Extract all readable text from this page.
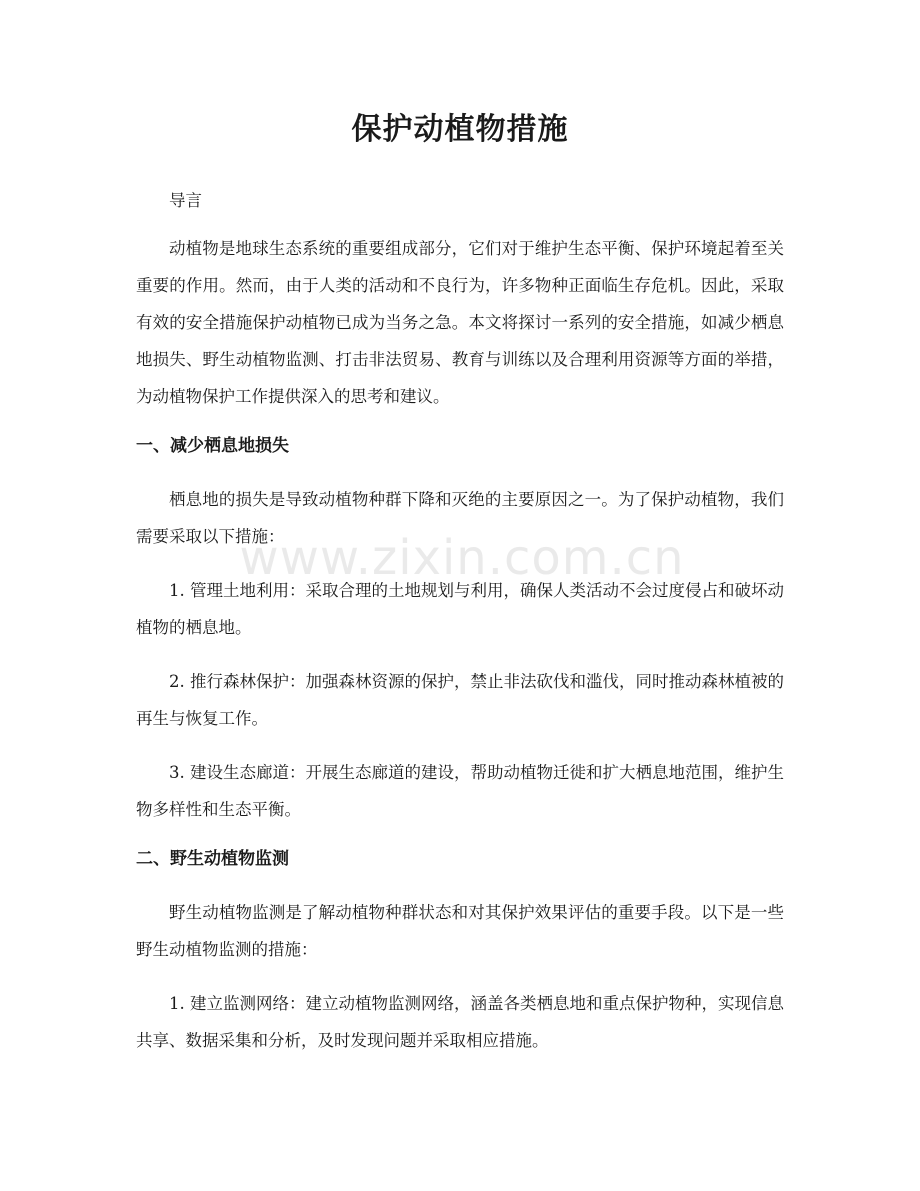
保护动植物措施

导言

动植物是地球生态系统的重要组成部分，它们对于维护生态平衡、保护环境起着至关重要的作用。然而，由于人类的活动和不良行为，许多物种正面临生存危机。因此，采取有效的安全措施保护动植物已成为当务之急。本文将探讨一系列的安全措施，如减少栖息地损失、野生动植物监测、打击非法贸易、教育与训练以及合理利用资源等方面的举措，为动植物保护工作提供深入的思考和建议。

一、减少栖息地损失

栖息地的损失是导致动植物种群下降和灭绝的主要原因之一。为了保护动植物，我们需要采取以下措施：

1. 管理土地利用：采取合理的土地规划与利用，确保人类活动不会过度侵占和破坏动植物的栖息地。

2. 推行森林保护：加强森林资源的保护，禁止非法砍伐和滥伐，同时推动森林植被的再生与恢复工作。

3. 建设生态廊道：开展生态廊道的建设，帮助动植物迁徙和扩大栖息地范围，维护生物多样性和生态平衡。

二、野生动植物监测

野生动植物监测是了解动植物种群状态和对其保护效果评估的重要手段。以下是一些野生动植物监测的措施：

1. 建立监测网络：建立动植物监测网络，涵盖各类栖息地和重点保护物种，实现信息共享、数据采集和分析，及时发现问题并采取相应措施。

www.zixin.com.cn
